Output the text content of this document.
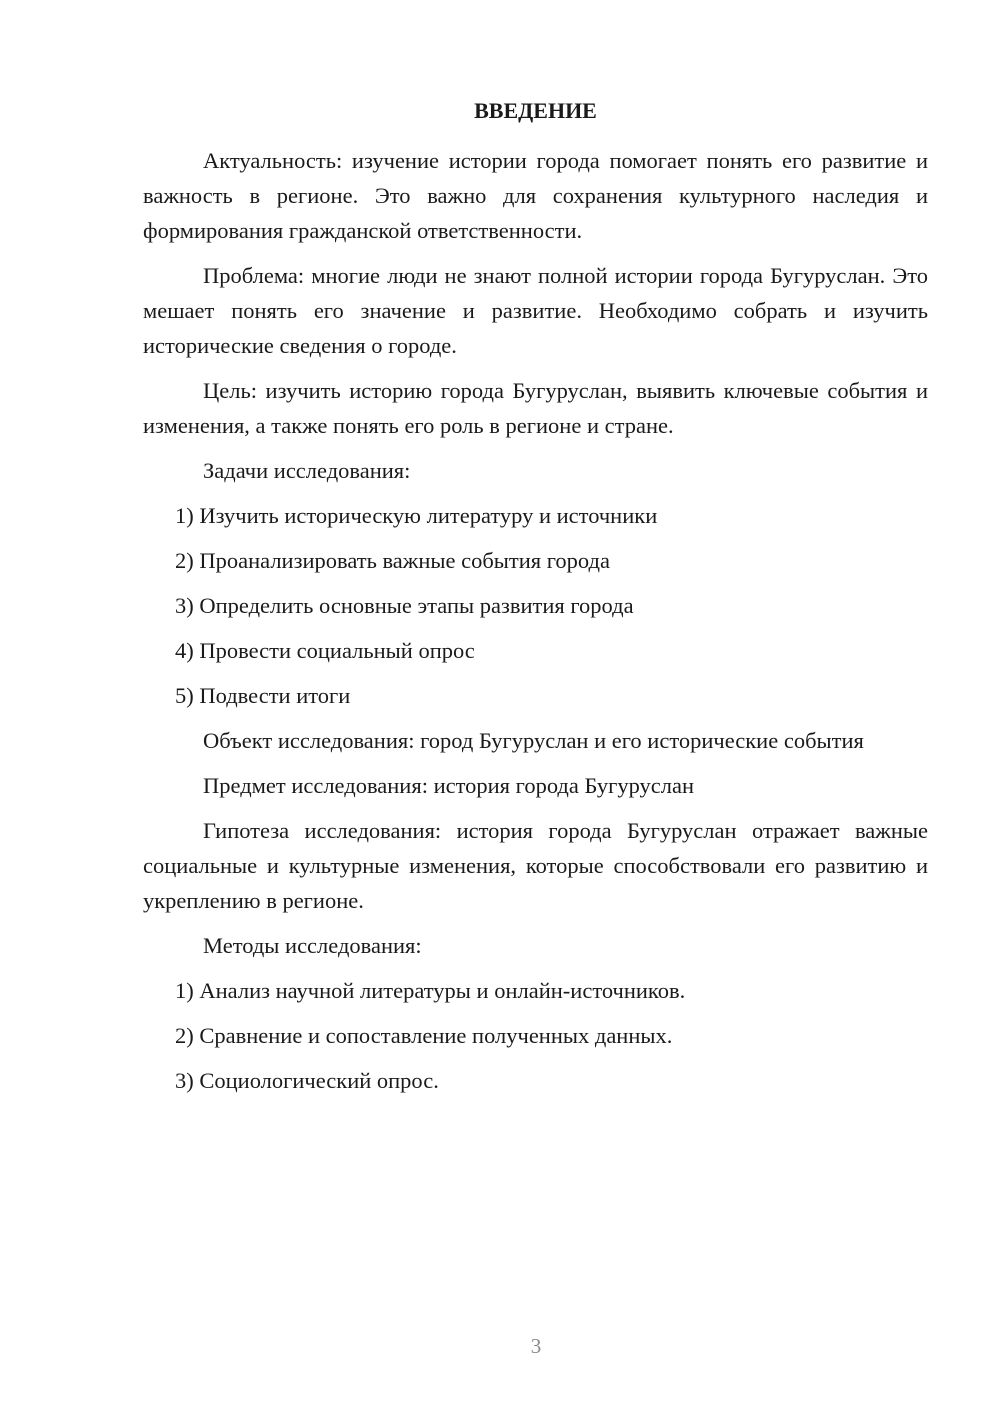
ВВЕДЕНИЕ

Актуальность: изучение истории города помогает понять его развитие и важность в регионе. Это важно для сохранения культурного наследия и формирования гражданской ответственности.

Проблема: многие люди не знают полной истории города Бугуруслан. Это мешает понять его значение и развитие. Необходимо собрать и изучить исторические сведения о городе.

Цель: изучить историю города Бугуруслан, выявить ключевые события и изменения, а также понять его роль в регионе и стране.

Задачи исследования:

1) Изучить историческую литературу и источники
2) Проанализировать важные события города
3) Определить основные этапы развития города
4) Провести социальный опрос
5) Подвести итоги

Объект исследования: город Бугуруслан и его исторические события

Предмет исследования: история города Бугуруслан

Гипотеза исследования: история города Бугуруслан отражает важные социальные и культурные изменения, которые способствовали его развитию и укреплению в регионе.

Методы исследования:

1) Анализ научной литературы и онлайн-источников.
2) Сравнение и сопоставление полученных данных.
3) Социологический опрос.
3
